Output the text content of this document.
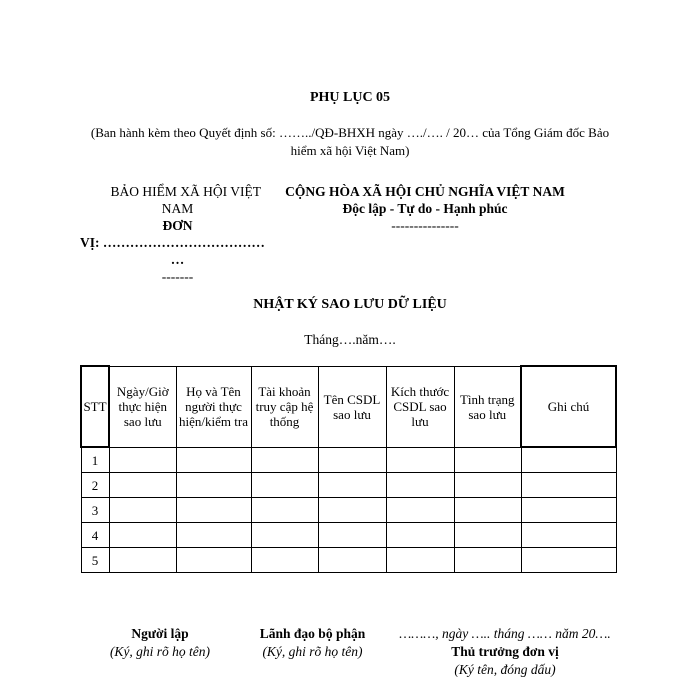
PHỤ LỤC 05
(Ban hành kèm theo Quyết định số: ……../QĐ-BHXH ngày …./…. / 20… của Tổng Giám đốc Bảo hiểm xã hội Việt Nam)
BẢO HIỂM XÃ HỘI VIỆT
NAM
ĐƠN
VỊ: ………………………………
…
-------
CỘNG HÒA XÃ HỘI CHỦ NGHĨA VIỆT NAM
Độc lập - Tự do - Hạnh phúc
---------------
NHẬT KÝ SAO LƯU DỮ LIỆU
Tháng….năm….
STT	Ngày/Giờ thực hiện sao lưu	Họ và Tên người thực hiện/kiểm tra	Tài khoản truy cập hệ thống	Tên CSDL sao lưu	Kích thước CSDL sao lưu	Tình trạng sao lưu	Ghi chú
1							
2							
3							
4							
5							
Người lập
(Ký, ghi rõ họ tên)
Lãnh đạo bộ phận
(Ký, ghi rõ họ tên)
………, ngày ….. tháng …… năm 20….
Thủ trưởng đơn vị
(Ký tên, đóng dấu)
